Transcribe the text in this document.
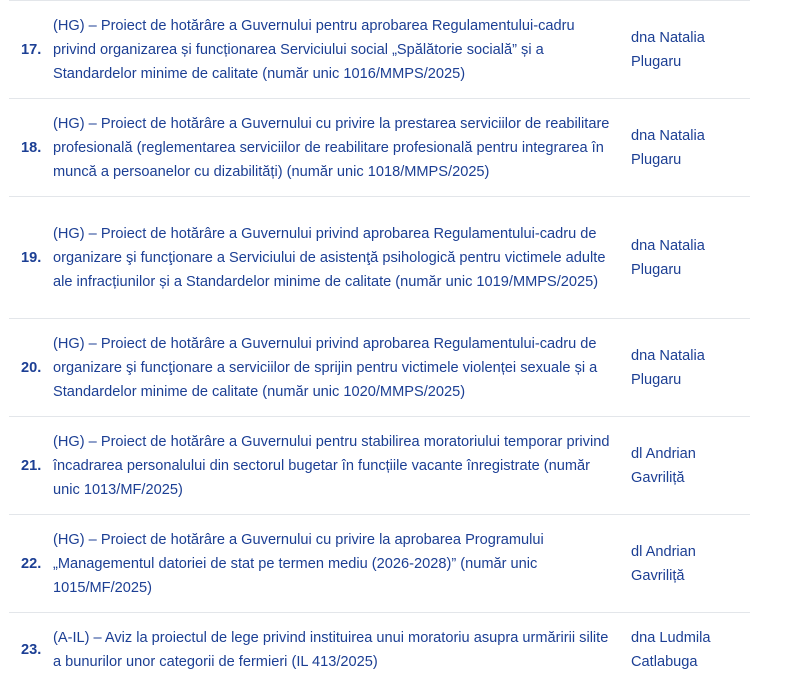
17.	(HG) – Proiect de hotărâre a Guvernului pentru aprobarea Regulamentului-cadru privind organizarea și funcționarea Serviciului social „Spălătorie socială” și a Standardelor minime de calitate (număr unic 1016/MMPS/2025)	dna Natalia Plugaru
18.	(HG) – Proiect de hotărâre a Guvernului cu privire la prestarea serviciilor de reabilitare profesională (reglementarea serviciilor de reabilitare profesională pentru integrarea în muncă a persoanelor cu dizabilități) (număr unic 1018/MMPS/2025)	dna Natalia Plugaru
19.	(HG) – Proiect de hotărâre a Guvernului privind aprobarea Regulamentului-cadru de organizare şi funcţionare a Serviciului de asistenţă psihologică pentru victimele adulte ale infracțiunilor și a Standardelor minime de calitate (număr unic 1019/MMPS/2025)	dna Natalia Plugaru
20.	(HG) – Proiect de hotărâre a Guvernului privind aprobarea Regulamentului-cadru de organizare şi funcţionare a serviciilor de sprijin pentru victimele violenței sexuale și a Standardelor minime de calitate (număr unic 1020/MMPS/2025)	dna Natalia Plugaru
21.	(HG) – Proiect de hotărâre a Guvernului pentru stabilirea moratoriului temporar privind încadrarea personalului din sectorul bugetar în funcțiile vacante înregistrate (număr unic 1013/MF/2025)	dl Andrian Gavriliță
22.	(HG) – Proiect de hotărâre a Guvernului cu privire la aprobarea Programului „Managementul datoriei de stat pe termen mediu (2026-2028)” (număr unic 1015/MF/2025)	dl Andrian Gavriliță
23.	(A-IL) – Aviz la proiectul de lege privind instituirea unui moratoriu asupra urmăririi silite a bunurilor unor categorii de fermieri (IL 413/2025)	dna Ludmila Catlabuga
